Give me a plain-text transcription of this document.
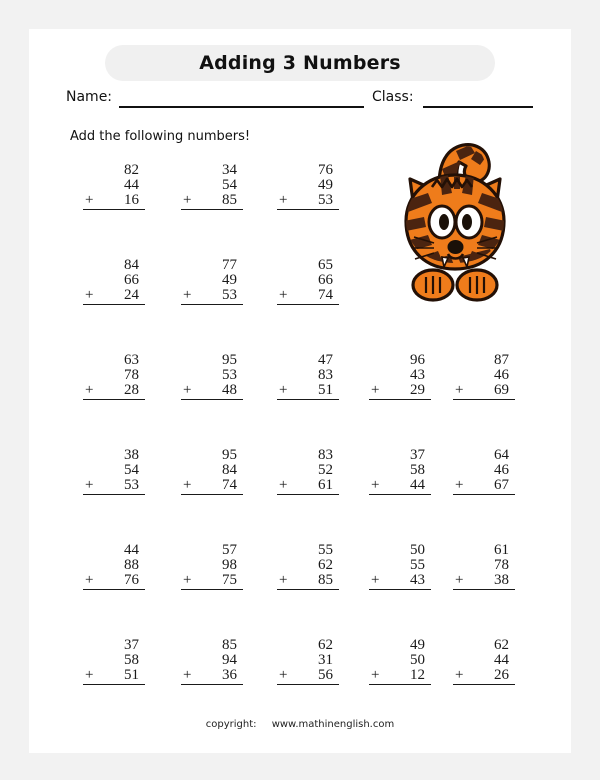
Adding 3 Numbers
Name:	Class:
Add the following numbers!
82
44
+	16
34
54
+	85
76
49
+	53
84
66
+	24
77
49
+	53
65
66
+	74
63
78
+	28
95
53
+	48
47
83
+	51
96
43
+	29
87
46
+	69
38
54
+	53
95
84
+	74
83
52
+	61
37
58
+	44
64
46
+	67
44
88
+	76
57
98
+	75
55
62
+	85
50
55
+	43
61
78
+	38
37
58
+	51
85
94
+	36
62
31
+	56
49
50
+	12
62
44
+	26
copyright: www.mathinenglish.com
